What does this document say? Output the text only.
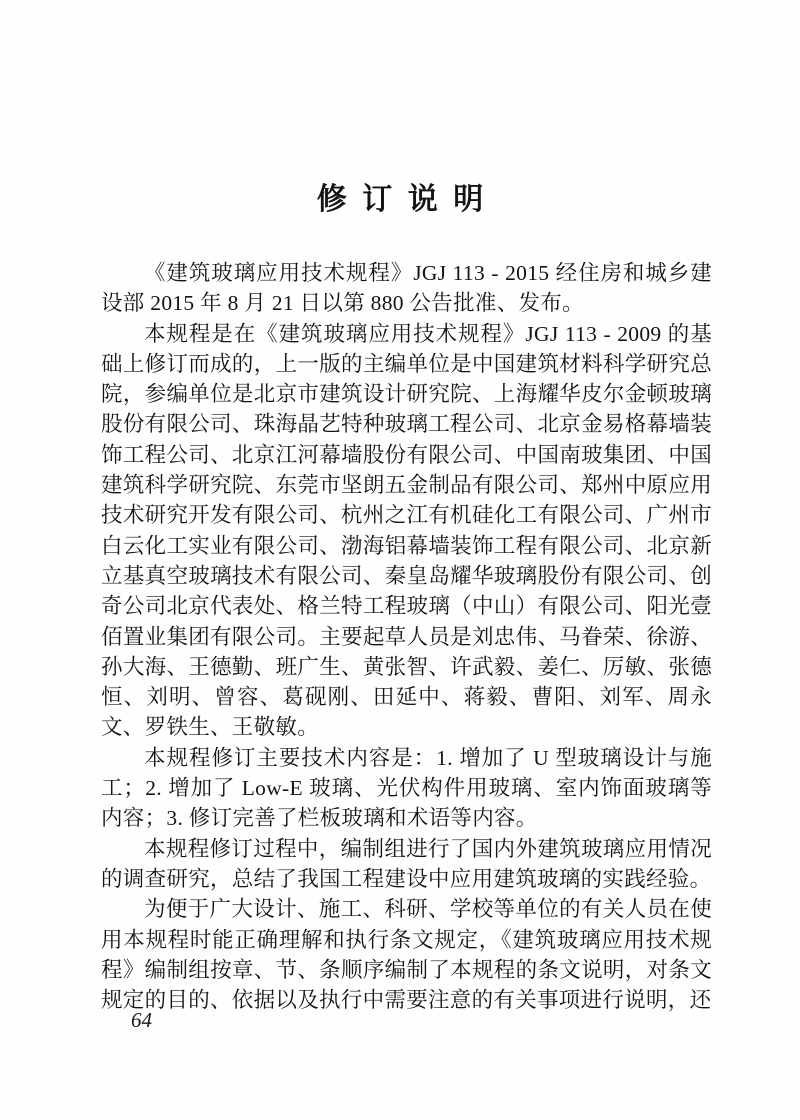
修 订 说 明

《建筑玻璃应用技术规程》JGJ 113 - 2015 经住房和城乡建设部 2015 年 8 月 21 日以第 880 公告批准、发布。

本规程是在《建筑玻璃应用技术规程》JGJ 113 - 2009 的基础上修订而成的，上一版的主编单位是中国建筑材料科学研究总院，参编单位是北京市建筑设计研究院、上海耀华皮尔金顿玻璃股份有限公司、珠海晶艺特种玻璃工程公司、北京金易格幕墙装饰工程公司、北京江河幕墙股份有限公司、中国南玻集团、中国建筑科学研究院、东莞市坚朗五金制品有限公司、郑州中原应用技术研究开发有限公司、杭州之江有机硅化工有限公司、广州市白云化工实业有限公司、渤海铝幕墙装饰工程有限公司、北京新立基真空玻璃技术有限公司、秦皇岛耀华玻璃股份有限公司、创奇公司北京代表处、格兰特工程玻璃（中山）有限公司、阳光壹佰置业集团有限公司。主要起草人员是刘忠伟、马眷荣、徐游、孙大海、王德勤、班广生、黄张智、许武毅、姜仁、厉敏、张德恒、刘明、曾容、葛砚刚、田延中、蒋毅、曹阳、刘军、周永文、罗铁生、王敬敏。

本规程修订主要技术内容是：1. 增加了 U 型玻璃设计与施工；2. 增加了 Low-E 玻璃、光伏构件用玻璃、室内饰面玻璃等内容；3. 修订完善了栏板玻璃和术语等内容。

本规程修订过程中，编制组进行了国内外建筑玻璃应用情况的调查研究，总结了我国工程建设中应用建筑玻璃的实践经验。

为便于广大设计、施工、科研、学校等单位的有关人员在使用本规程时能正确理解和执行条文规定，《建筑玻璃应用技术规程》编制组按章、节、条顺序编制了本规程的条文说明，对条文规定的目的、依据以及执行中需要注意的有关事项进行说明，还

64
